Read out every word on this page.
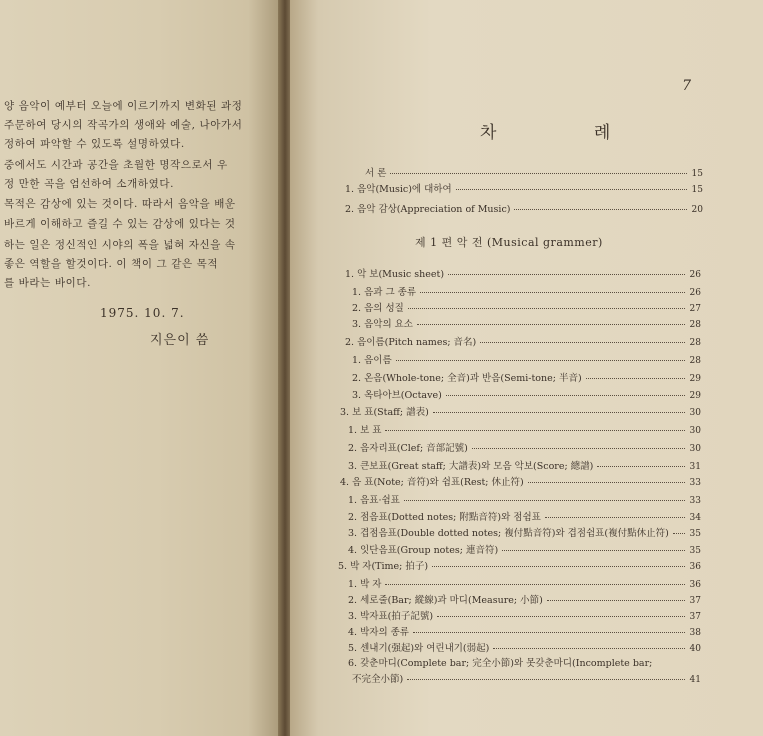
양 음악이 예부터 오늘에 이르기까지 변화된 과정
주문하여 당시의 작곡가의 생애와 예술, 나아가서
정하여 파악할 수 있도록 설명하였다.
중에서도 시간과 공간을 초월한 명작으로서 우
정 만한 곡을 엄선하여 소개하였다.
목적은 감상에 있는 것이다. 따라서 음악을 배운
바르게 이해하고 즐길 수 있는 감상에 있다는 것
하는 일은 정신적인 시야의 폭을 넓혀 자신을 속
좋은 역할을 할것이다. 이 책이 그 같은 목적
를 바라는 바이다.
1975. 10. 7.
지은이 씀
7
차 례
서 론	15
1. 음악(Music)에 대하여	15
2. 음악 감상(Appreciation of Music)	20
제 1 편 악 전 (Musical grammer)
1. 악 보(Music sheet)	26
1. 음과 그 종류	26
2. 음의 성질	27
3. 음악의 요소	28
2. 음이름(Pitch names; 音名)	28
1. 음이름	28
2. 온음(Whole-tone; 全音)과 반음(Semi-tone; 半音)	29
3. 옥타아브(Octave)	29
3. 보 표(Staff; 譜表)	30
1. 보 표	30
2. 음자리표(Clef; 音部記號)	30
3. 큰보표(Great staff; 大譜表)와 모음 악보(Score; 總譜)	31
4. 음 표(Note; 音符)와 쉼표(Rest; 休止符)	33
1. 음표·쉼표	33
2. 점음표(Dotted notes; 附點音符)와 점쉼표	34
3. 겹점음표(Double dotted notes; 複付點音符)와 겹점쉼표(複付點休止符) 35
4. 잇단음표(Group notes; 連音符)	35
5. 박 자(Time; 拍子)	36
1. 박 자	36
2. 세로줄(Bar; 縱線)과 마디(Measure; 小節)	37
3. 박자표(拍子記號)	37
4. 박자의 종류	38
5. 센내기(强起)와 여린내기(弱起)	40
6. 갖춘마디(Complete bar; 完全小節)와 못갖춘마디(Incomplete bar;
不完全小節)	41
